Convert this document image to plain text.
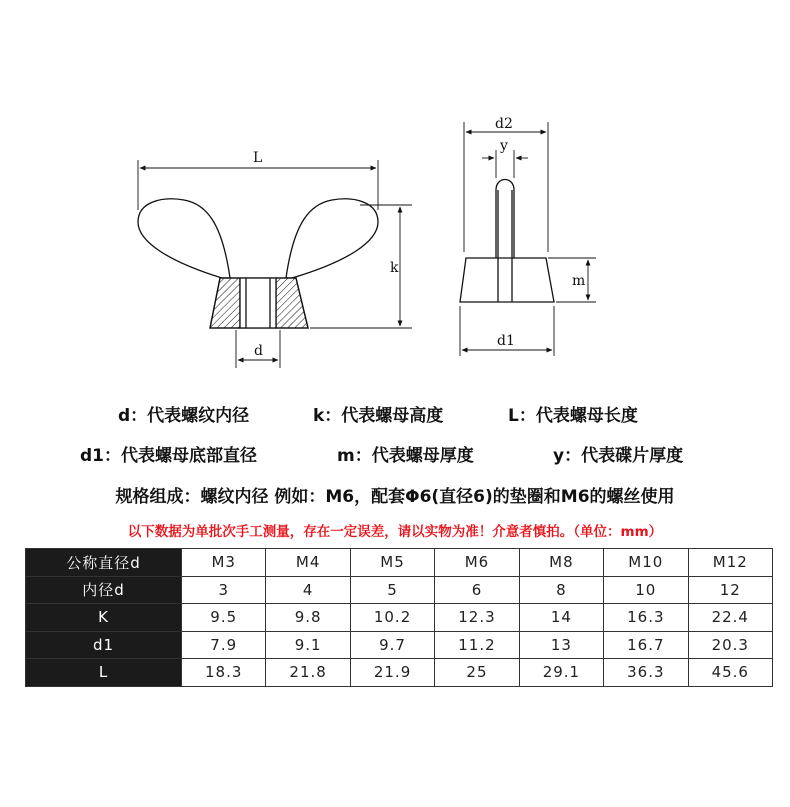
L
k
d
d2
y
m
d1
d：代表螺纹内径	k：代表螺母高度	L：代表螺母长度
d1：代表螺母底部直径	m：代表螺母厚度	y：代表碟片厚度
规格组成：螺纹内径 例如：M6，配套Φ6(直径6)的垫圈和M6的螺丝使用
以下数据为单批次手工测量，存在一定误差，请以实物为准！介意者慎拍。（单位：mm）
公称直径d	M3	M4	M5	M6	M8	M10	M12
内径d	3	4	5	6	8	10	12
K	9.5	9.8	10.2	12.3	14	16.3	22.4
d1	7.9	9.1	9.7	11.2	13	16.7	20.3
L	18.3	21.8	21.9	25	29.1	36.3	45.6
